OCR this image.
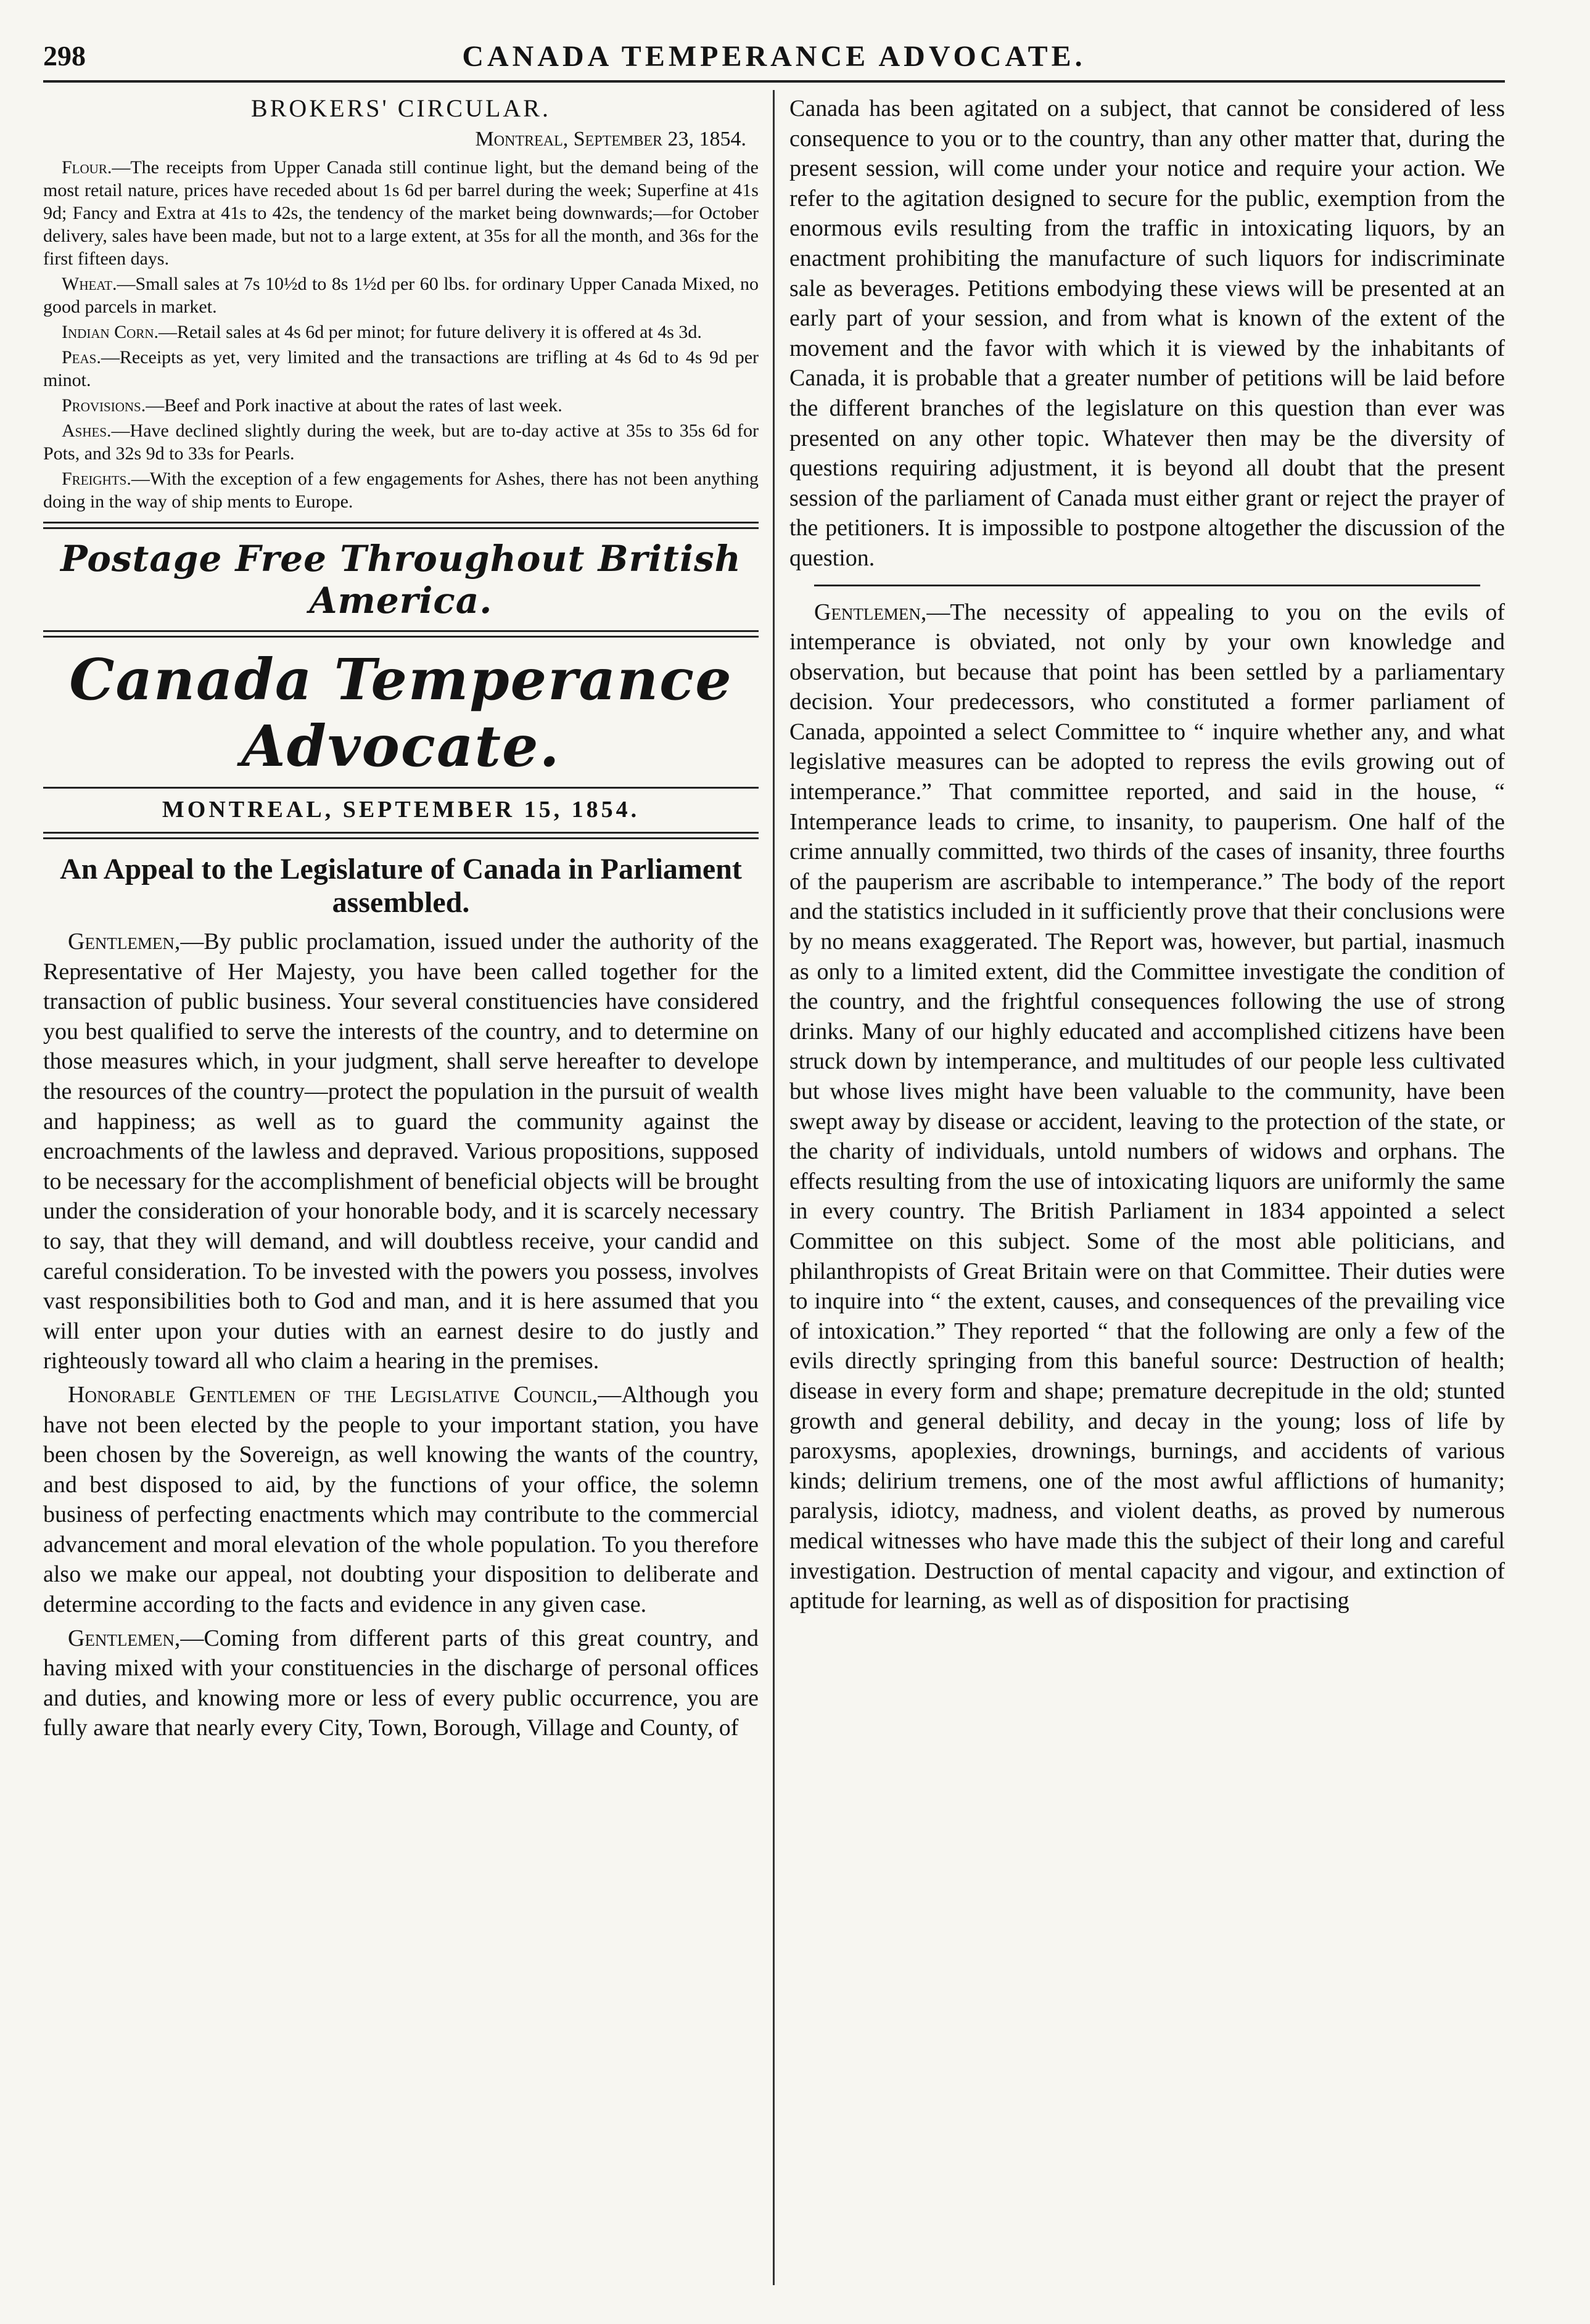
298	CANADA TEMPERANCE ADVOCATE.
BROKERS' CIRCULAR.
Montreal, September 23, 1854.

Flour.—The receipts from Upper Canada still continue light, but the demand being of the most retail nature, prices have receded about 1s 6d per barrel during the week; Superfine at 41s 9d; Fancy and Extra at 41s to 42s, the tendency of the market being downwards;—for October delivery, sales have been made, but not to a large extent, at 35s for all the month, and 36s for the first fifteen days.

Wheat.—Small sales at 7s 10½d to 8s 1½d per 60 lbs. for ordinary Upper Canada Mixed, no good parcels in market.

Indian Corn.—Retail sales at 4s 6d per minot; for future delivery it is offered at 4s 3d.

Peas.—Receipts as yet, very limited and the transactions are trifling at 4s 6d to 4s 9d per minot.

Provisions.—Beef and Pork inactive at about the rates of last week.

Ashes.—Have declined slightly during the week, but are to-day active at 35s to 35s 6d for Pots, and 32s 9d to 33s for Pearls.

Freights.—With the exception of a few engagements for Ashes, there has not been anything doing in the way of ship ments to Europe.

Postage Free Throughout British America.
Canada Temperance Advocate.
MONTREAL, SEPTEMBER 15, 1854.
An Appeal to the Legislature of Canada in Parliament assembled.

Gentlemen,—By public proclamation, issued under the authority of the Representative of Her Majesty, you have been called together for the transaction of public business. Your several constituencies have considered you best qualified to serve the interests of the country, and to determine on those measures which, in your judgment, shall serve hereafter to develope the resources of the country—protect the population in the pursuit of wealth and happiness; as well as to guard the community against the encroachments of the lawless and depraved. Various propositions, supposed to be necessary for the accomplishment of beneficial objects will be brought under the consideration of your honorable body, and it is scarcely necessary to say, that they will demand, and will doubtless receive, your candid and careful consideration. To be invested with the powers you possess, involves vast responsibilities both to God and man, and it is here assumed that you will enter upon your duties with an earnest desire to do justly and righteously toward all who claim a hearing in the premises.

Honorable Gentlemen of the Legislative Council,—Although you have not been elected by the people to your important station, you have been chosen by the Sovereign, as well knowing the wants of the country, and best disposed to aid, by the functions of your office, the solemn business of perfecting enactments which may contribute to the commercial advancement and moral elevation of the whole population. To you therefore also we make our appeal, not doubting your disposition to deliberate and determine according to the facts and evidence in any given case.

Gentlemen,—Coming from different parts of this great country, and having mixed with your constituencies in the discharge of personal offices and duties, and knowing more or less of every public occurrence, you are fully aware that nearly every City, Town, Borough, Village and County, of

Canada has been agitated on a subject, that cannot be considered of less consequence to you or to the country, than any other matter that, during the present session, will come under your notice and require your action. We refer to the agitation designed to secure for the public, exemption from the enormous evils resulting from the traffic in intoxicating liquors, by an enactment prohibiting the manufacture of such liquors for indiscriminate sale as beverages. Petitions embodying these views will be presented at an early part of your session, and from what is known of the extent of the movement and the favor with which it is viewed by the inhabitants of Canada, it is probable that a greater number of petitions will be laid before the different branches of the legislature on this question than ever was presented on any other topic. Whatever then may be the diversity of questions requiring adjustment, it is beyond all doubt that the present session of the parliament of Canada must either grant or reject the prayer of the petitioners. It is impossible to postpone altogether the discussion of the question.

Gentlemen,—The necessity of appealing to you on the evils of intemperance is obviated, not only by your own knowledge and observation, but because that point has been settled by a parliamentary decision. Your predecessors, who constituted a former parliament of Canada, appointed a select Committee to “ inquire whether any, and what legislative measures can be adopted to repress the evils growing out of intemperance.” That committee reported, and said in the house, “ Intemperance leads to crime, to insanity, to pauperism. One half of the crime annually committed, two thirds of the cases of insanity, three fourths of the pauperism are ascribable to intemperance.” The body of the report and the statistics included in it sufficiently prove that their conclusions were by no means exaggerated. The Report was, however, but partial, inasmuch as only to a limited extent, did the Committee investigate the condition of the country, and the frightful consequences following the use of strong drinks. Many of our highly educated and accomplished citizens have been struck down by intemperance, and multitudes of our people less cultivated but whose lives might have been valuable to the community, have been swept away by disease or accident, leaving to the protection of the state, or the charity of individuals, untold numbers of widows and orphans. The effects resulting from the use of intoxicating liquors are uniformly the same in every country. The British Parliament in 1834 appointed a select Committee on this subject. Some of the most able politicians, and philanthropists of Great Britain were on that Committee. Their duties were to inquire into “ the extent, causes, and consequences of the prevailing vice of intoxication.” They reported “ that the following are only a few of the evils directly springing from this baneful source: Destruction of health; disease in every form and shape; premature decrepitude in the old; stunted growth and general debility, and decay in the young; loss of life by paroxysms, apoplexies, drownings, burnings, and accidents of various kinds; delirium tremens, one of the most awful afflictions of humanity; paralysis, idiotcy, madness, and violent deaths, as proved by numerous medical witnesses who have made this the subject of their long and careful investigation. Destruction of mental capacity and vigour, and extinction of aptitude for learning, as well as of disposition for practising
